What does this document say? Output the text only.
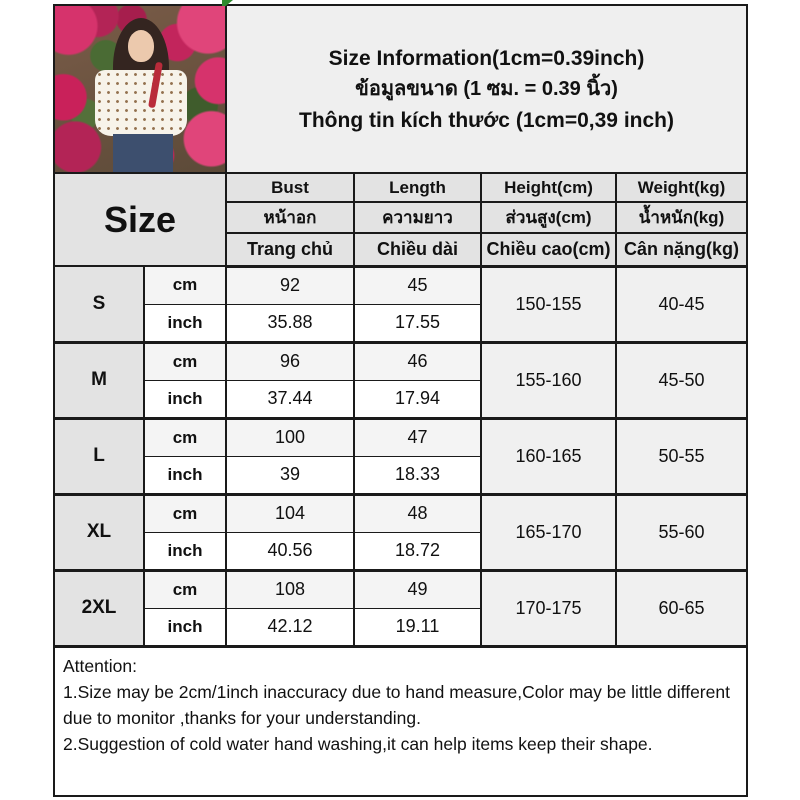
		Size Information(1cm=0.39inch)
ข้อมูลขนาด (1 ซม. = 0.39 นิ้ว)
Thông tin kích thước (1cm=0,39 inch)			

Size		Bust	Length	Height(cm)	Weight(kg)
		หน้าอก	ความยาว	ส่วนสูง(cm)	น้ำหนัก(kg)
		Trang chủ	Chiều dài	Chiều cao(cm)	Cân nặng(kg)
S	cm	92	45	150-155	40-45
	inch	35.88	17.55		
M	cm	96	46	155-160	45-50
	inch	37.44	17.94		
L	cm	100	47	160-165	50-55
	inch	39	18.33		
XL	cm	104	48	165-170	55-60
	inch	40.56	18.72		
2XL	cm	108	49	170-175	60-65
	inch	42.12	19.11		

Attention:
1.Size may be 2cm/1inch inaccuracy due to hand measure,Color may be little different due to monitor ,thanks for your understanding.
2.Suggestion of cold water hand washing,it can help items keep their shape.					
